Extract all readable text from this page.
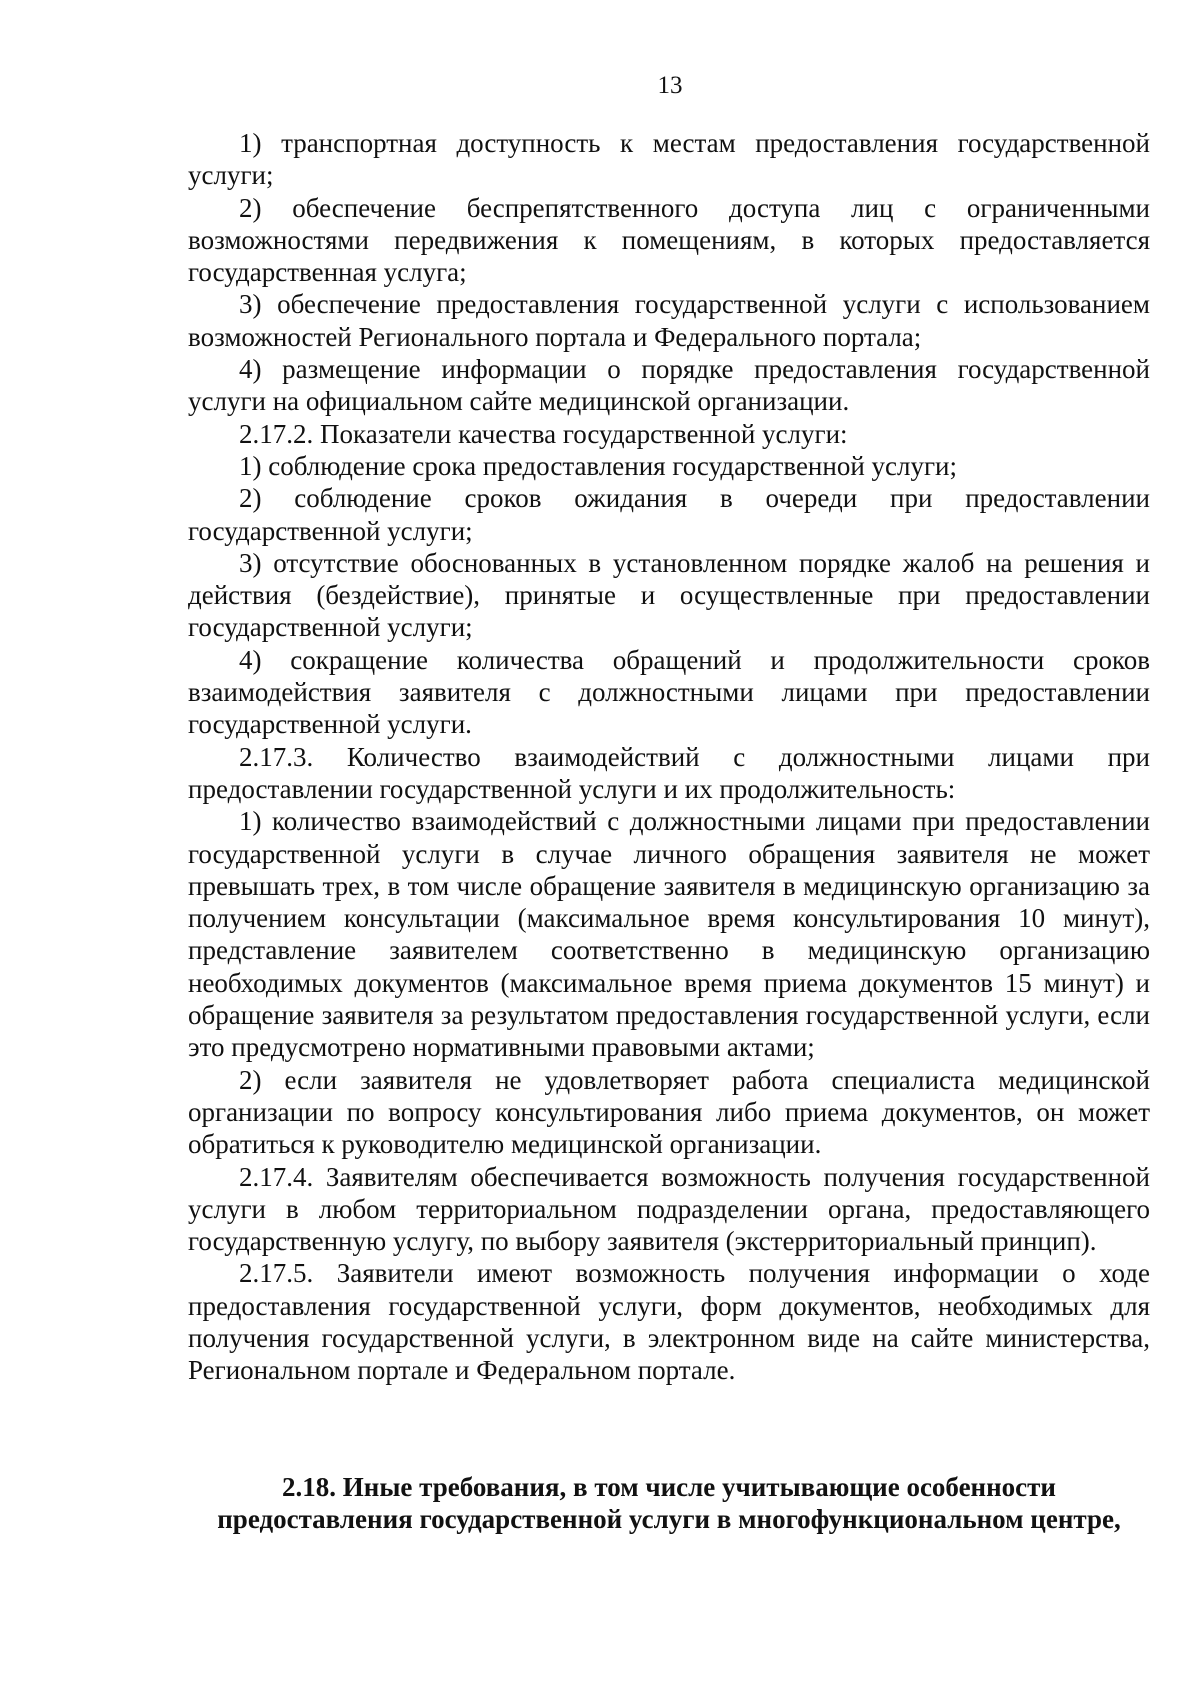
13

1) транспортная доступность к местам предоставления государственной услуги;

2) обеспечение беспрепятственного доступа лиц с ограниченными возможностями передвижения к помещениям, в которых предоставляется государственная услуга;

3) обеспечение предоставления государственной услуги с использованием возможностей Регионального портала и Федерального портала;

4) размещение информации о порядке предоставления государственной услуги на официальном сайте медицинской организации.

2.17.2. Показатели качества государственной услуги:

1) соблюдение срока предоставления государственной услуги;

2) соблюдение сроков ожидания в очереди при предоставлении государственной услуги;

3) отсутствие обоснованных в установленном порядке жалоб на решения и действия (бездействие), принятые и осуществленные при предоставлении государственной услуги;

4) сокращение количества обращений и продолжительности сроков взаимодействия заявителя с должностными лицами при предоставлении государственной услуги.

2.17.3. Количество взаимодействий с должностными лицами при предоставлении государственной услуги и их продолжительность:

1) количество взаимодействий с должностными лицами при предоставлении государственной услуги в случае личного обращения заявителя не может превышать трех, в том числе обращение заявителя в медицинскую организацию за получением консультации (максимальное время консультирования 10 минут), представление заявителем соответственно в медицинскую организацию необходимых документов (максимальное время приема документов 15 минут) и обращение заявителя за результатом предоставления государственной услуги, если это предусмотрено нормативными правовыми актами;

2) если заявителя не удовлетворяет работа специалиста медицинской организации по вопросу консультирования либо приема документов, он может обратиться к руководителю медицинской организации.

2.17.4. Заявителям обеспечивается возможность получения государственной услуги в любом территориальном подразделении органа, предоставляющего государственную услугу, по выбору заявителя (экстерриториальный принцип).

2.17.5. Заявители имеют возможность получения информации о ходе предоставления государственной услуги, форм документов, необходимых для получения государственной услуги, в электронном виде на сайте министерства, Региональном портале и Федеральном портале.

2.18. Иные требования, в том числе учитывающие особенности
предоставления государственной услуги в многофункциональном центре,
